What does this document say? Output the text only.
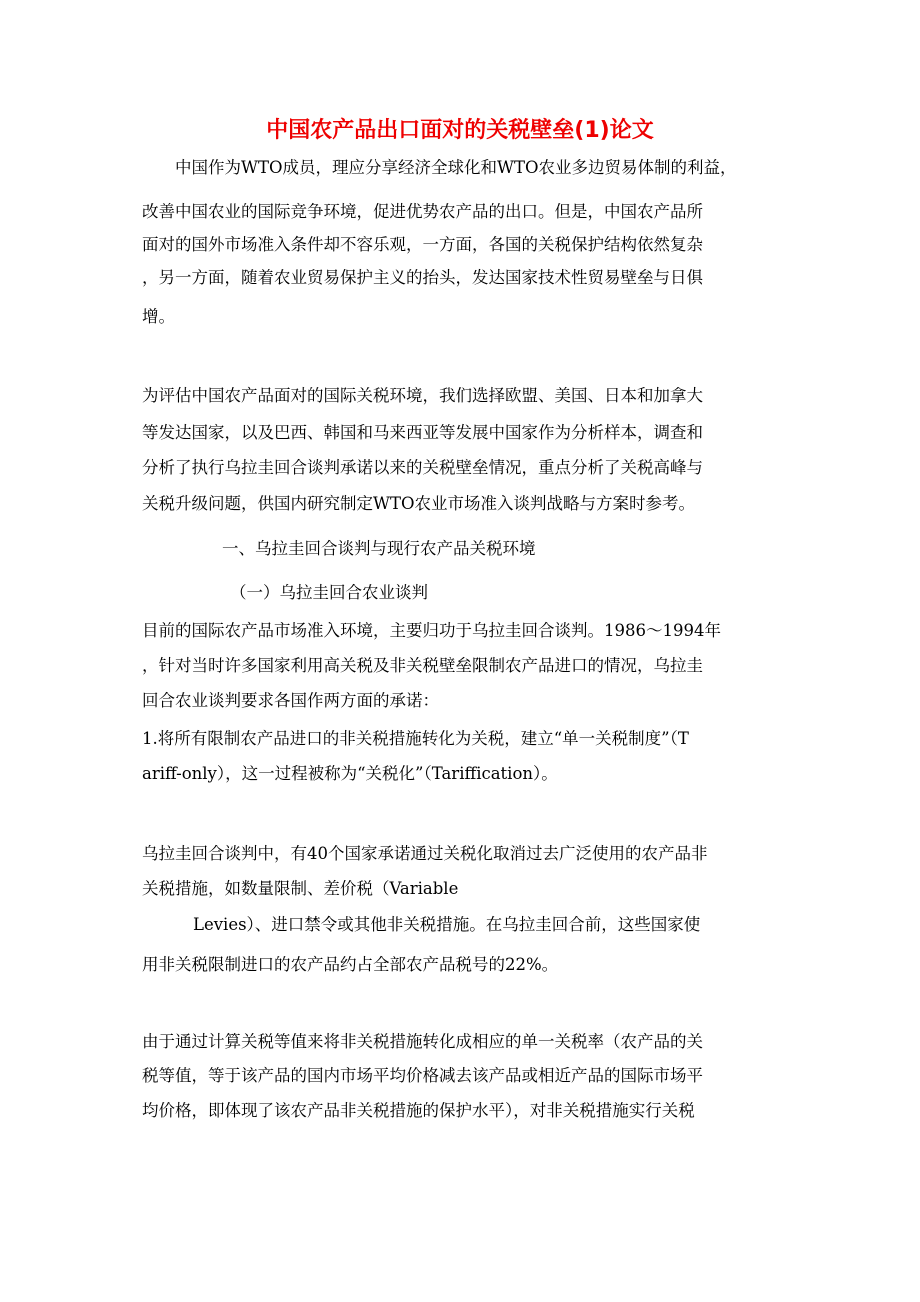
中国农产品出口面对的关税壁垒(1)论文

中国作为WTO成员，理应分享经济全球化和WTO农业多边贸易体制的利益，

改善中国农业的国际竞争环境，促进优势农产品的出口。但是，中国农产品所

面对的国外市场准入条件却不容乐观，一方面，各国的关税保护结构依然复杂

，另一方面，随着农业贸易保护主义的抬头，发达国家技术性贸易壁垒与日俱

增。

为评估中国农产品面对的国际关税环境，我们选择欧盟、美国、日本和加拿大

等发达国家，以及巴西、韩国和马来西亚等发展中国家作为分析样本，调查和

分析了执行乌拉圭回合谈判承诺以来的关税壁垒情况，重点分析了关税高峰与

关税升级问题，供国内研究制定WTO农业市场准入谈判战略与方案时参考。

一、乌拉圭回合谈判与现行农产品关税环境

（一）乌拉圭回合农业谈判

目前的国际农产品市场准入环境，主要归功于乌拉圭回合谈判。1986～1994年

，针对当时许多国家利用高关税及非关税壁垒限制农产品进口的情况，乌拉圭

回合农业谈判要求各国作两方面的承诺：

1.将所有限制农产品进口的非关税措施转化为关税，建立“单一关税制度”（T

ariff-only），这一过程被称为“关税化”（Tariffication）。

乌拉圭回合谈判中，有40个国家承诺通过关税化取消过去广泛使用的农产品非

关税措施，如数量限制、差价税（Variable

Levies）、进口禁令或其他非关税措施。在乌拉圭回合前，这些国家使

用非关税限制进口的农产品约占全部农产品税号的22%。

由于通过计算关税等值来将非关税措施转化成相应的单一关税率（农产品的关

税等值，等于该产品的国内市场平均价格减去该产品或相近产品的国际市场平

均价格，即体现了该农产品非关税措施的保护水平），对非关税措施实行关税
